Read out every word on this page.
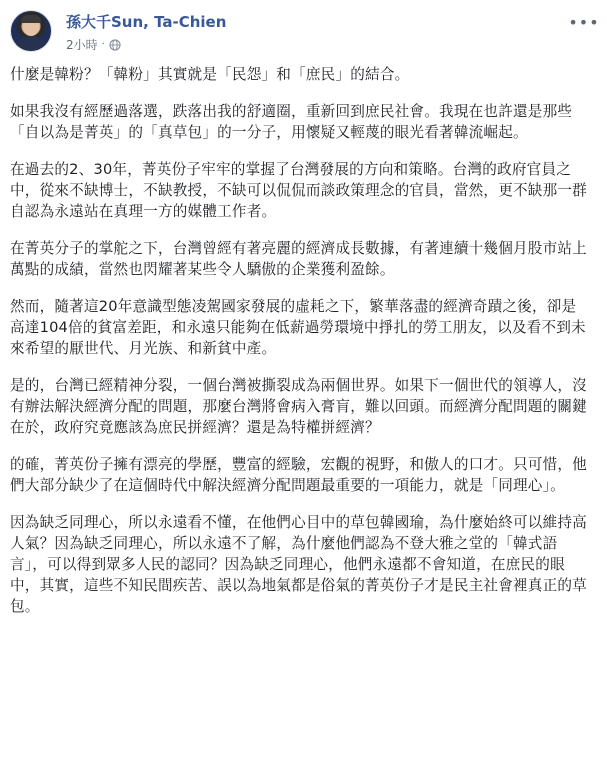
孫大千Sun, Ta-Chien
2小時 ·
•••

什麼是韓粉？「韓粉」其實就是「民怨」和「庶民」的結合。

如果我沒有經歷過落選，跌落出我的舒適圈，重新回到庶民社會。我現在也許還是那些「自以為是菁英」的「真草包」的一分子，用懷疑又輕蔑的眼光看著韓流崛起。

在過去的2、30年，菁英份子牢牢的掌握了台灣發展的方向和策略。台灣的政府官員之中，從來不缺博士，不缺教授，不缺可以侃侃而談政策理念的官員，當然，更不缺那一群自認為永遠站在真理一方的媒體工作者。

在菁英分子的掌舵之下，台灣曾經有著亮麗的經濟成長數據，有著連續十幾個月股市站上萬點的成績，當然也閃耀著某些令人驕傲的企業獲利盈餘。

然而，隨著這20年意識型態凌駕國家發展的虛耗之下，繁華落盡的經濟奇蹟之後，卻是高達104倍的貧富差距，和永遠只能夠在低薪過勞環境中掙扎的勞工朋友，以及看不到未來希望的厭世代、月光族、和新貧中產。

是的，台灣已經精神分裂，一個台灣被撕裂成為兩個世界。如果下一個世代的領導人，沒有辦法解決經濟分配的問題，那麼台灣將會病入膏肓，難以回頭。而經濟分配問題的關鍵在於，政府究竟應該為庶民拼經濟？還是為特權拼經濟？

的確，菁英份子擁有漂亮的學歷，豐富的經驗，宏觀的視野，和傲人的口才。只可惜，他們大部分缺少了在這個時代中解決經濟分配問題最重要的一項能力，就是「同理心」。

因為缺乏同理心，所以永遠看不懂，在他們心目中的草包韓國瑜，為什麼始終可以維持高人氣？因為缺乏同理心，所以永遠不了解，為什麼他們認為不登大雅之堂的「韓式語言」，可以得到眾多人民的認同？因為缺乏同理心，他們永遠都不會知道，在庶民的眼中，其實，這些不知民間疾苦、誤以為地氣都是俗氣的菁英份子才是民主社會裡真正的草包。
